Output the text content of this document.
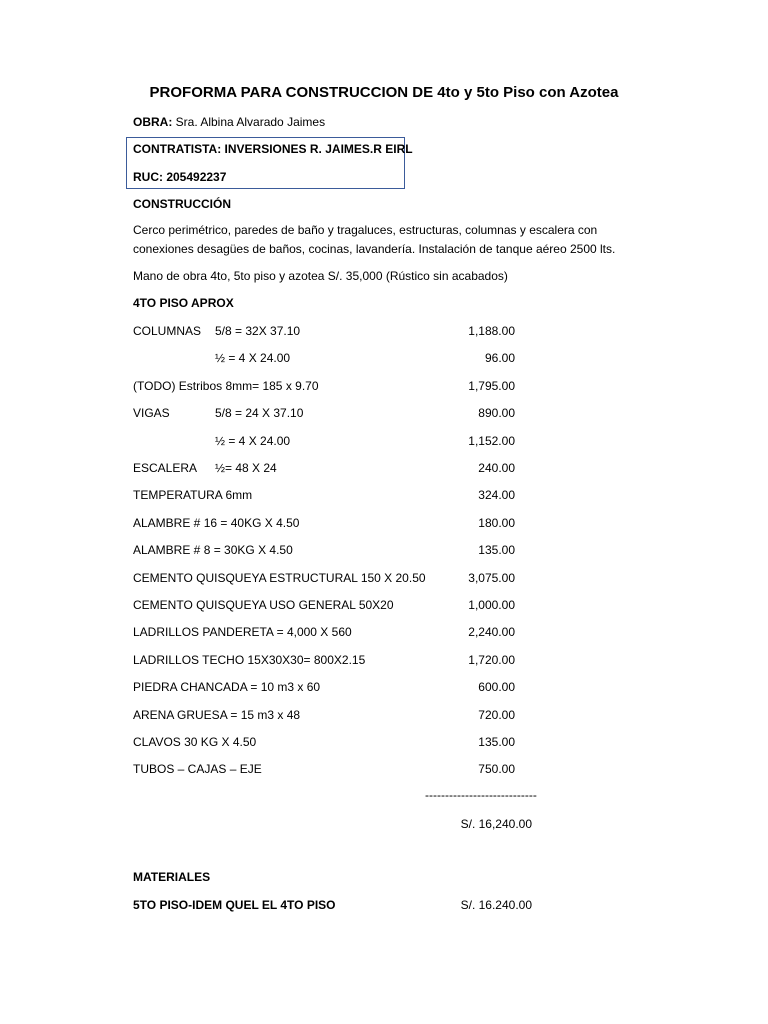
PROFORMA PARA CONSTRUCCION DE 4to y 5to Piso con Azotea
OBRA: Sra. Albina Alvarado Jaimes
CONTRATISTA: INVERSIONES R. JAIMES.R EIRL
RUC: 205492237
CONSTRUCCIÓN
Cerco perimétrico, paredes de baño y tragaluces, estructuras, columnas y escalera con
conexiones desagües de baños, cocinas, lavandería. Instalación de tanque aéreo 2500 lts.
Mano de obra 4to, 5to piso y azotea S/. 35,000 (Rústico sin acabados)
4TO PISO APROX
COLUMNAS 5/8 = 32X 37.10	1,188.00
½ = 4 X 24.00	96.00
(TODO) Estribos 8mm= 185 x 9.70	1,795.00
VIGAS	5/8 = 24 X 37.10	890.00
½ = 4 X 24.00	1,152.00
ESCALERA ½= 48 X 24	240.00
TEMPERATURA 6mm	324.00
ALAMBRE # 16 = 40KG X 4.50	180.00
ALAMBRE # 8 = 30KG X 4.50	135.00
CEMENTO QUISQUEYA ESTRUCTURAL 150 X 20.50	3,075.00
CEMENTO QUISQUEYA USO GENERAL 50X20	1,000.00
LADRILLOS PANDERETA = 4,000 X 560	2,240.00
LADRILLOS TECHO 15X30X30= 800X2.15	1,720.00
PIEDRA CHANCADA = 10 m3 x 60	600.00
ARENA GRUESA = 15 m3 x 48	720.00
CLAVOS 30 KG X 4.50	135.00
TUBOS – CAJAS – EJE	750.00
----------------------------
S/. 16,240.00
MATERIALES
5TO PISO-IDEM QUEL EL 4TO PISO	S/. 16.240.00
